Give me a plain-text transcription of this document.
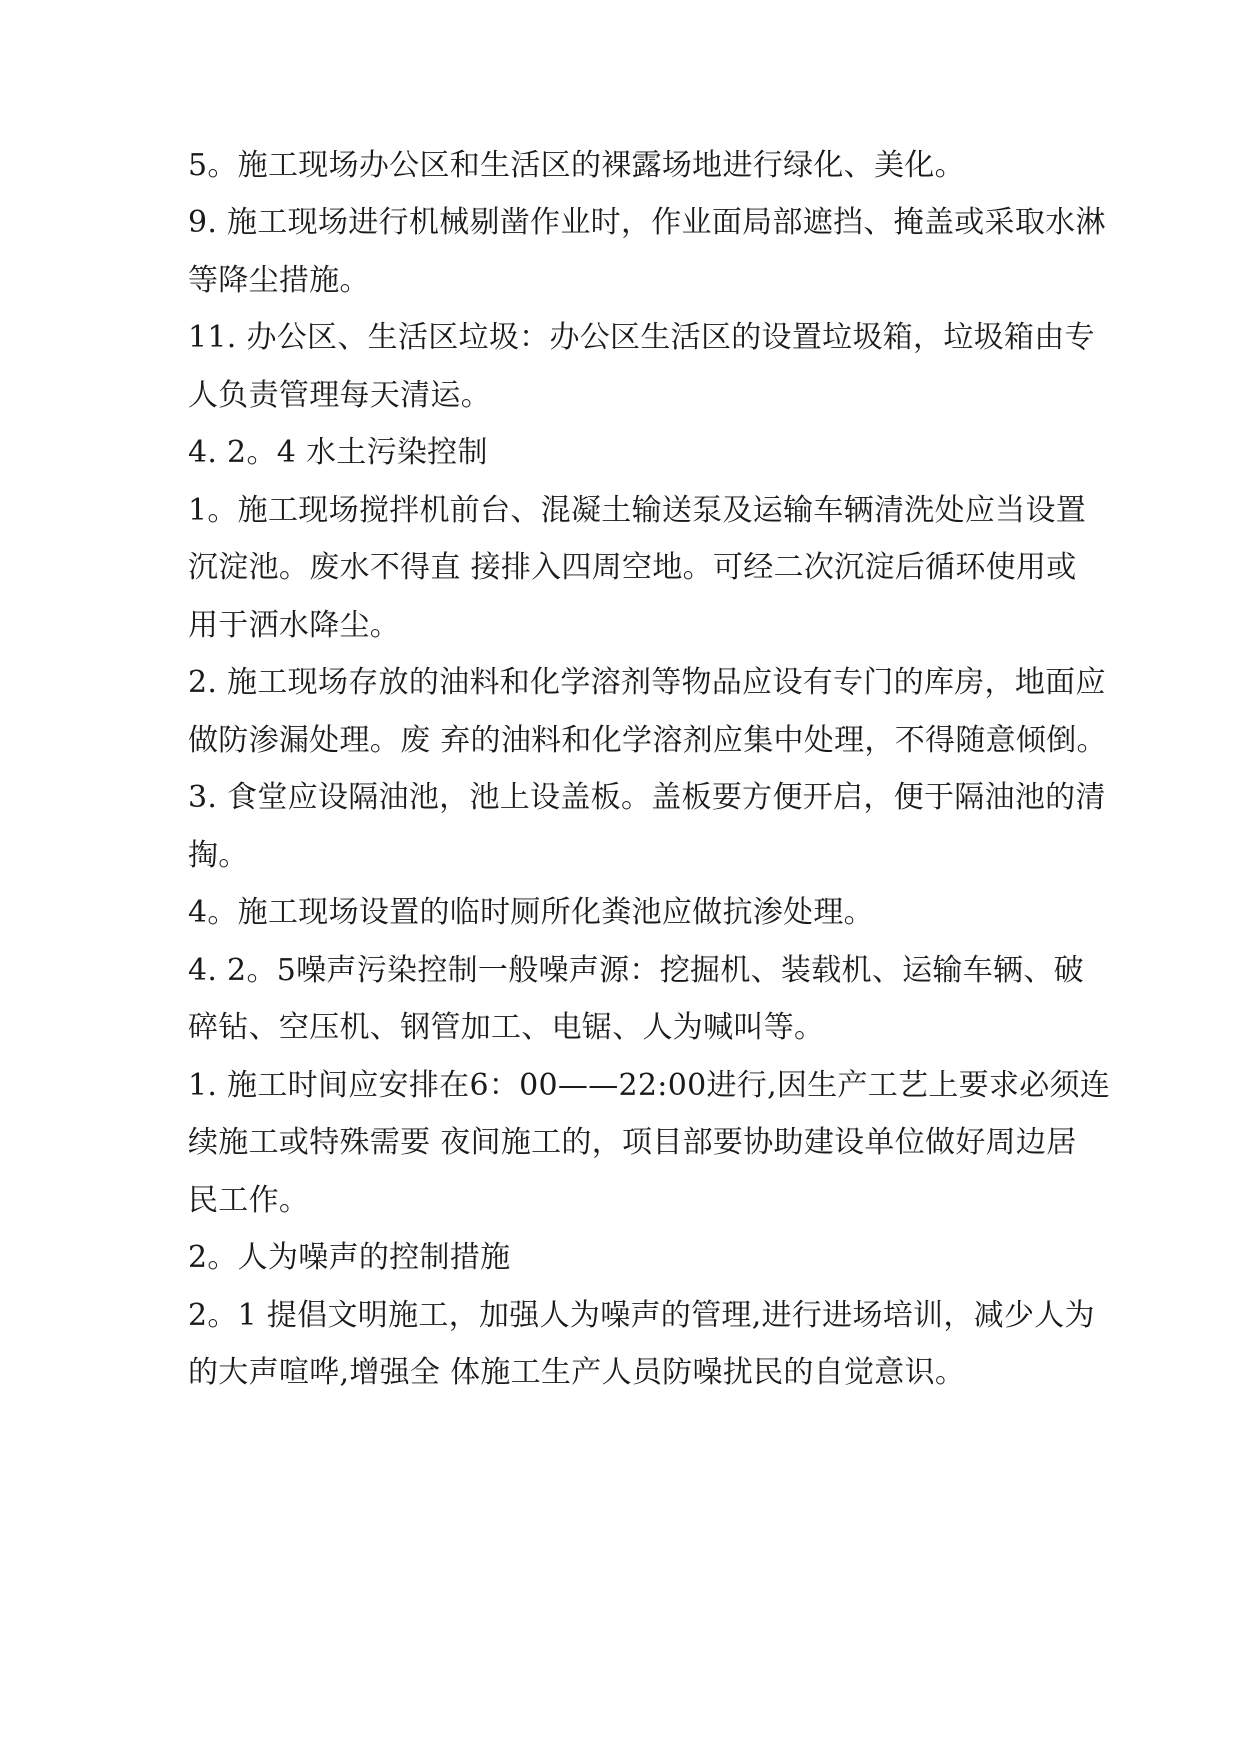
5。施工现场办公区和生活区的裸露场地进行绿化、美化。
9. 施工现场进行机械剔凿作业时，作业面局部遮挡、掩盖或采取水淋
等降尘措施。
11. 办公区、生活区垃圾：办公区生活区的设置垃圾箱，垃圾箱由专
人负责管理每天清运。
4. 2。4 水土污染控制
1。施工现场搅拌机前台、混凝土输送泵及运输车辆清洗处应当设置
沉淀池。废水不得直 接排入四周空地。可经二次沉淀后循环使用或
用于洒水降尘。
2. 施工现场存放的油料和化学溶剂等物品应设有专门的库房，地面应
做防渗漏处理。废 弃的油料和化学溶剂应集中处理，不得随意倾倒。
3. 食堂应设隔油池，池上设盖板。盖板要方便开启，便于隔油池的清
掏。
4。施工现场设置的临时厕所化粪池应做抗渗处理。
4. 2。5噪声污染控制一般噪声源：挖掘机、装载机、运输车辆、破
碎钻、空压机、钢管加工、电锯、人为喊叫等。
1. 施工时间应安排在6：00——22:00进行,因生产工艺上要求必须连
续施工或特殊需要 夜间施工的，项目部要协助建设单位做好周边居
民工作。
2。人为噪声的控制措施
2。1 提倡文明施工，加强人为噪声的管理,进行进场培训，减少人为
的大声喧哗,增强全 体施工生产人员防噪扰民的自觉意识。
